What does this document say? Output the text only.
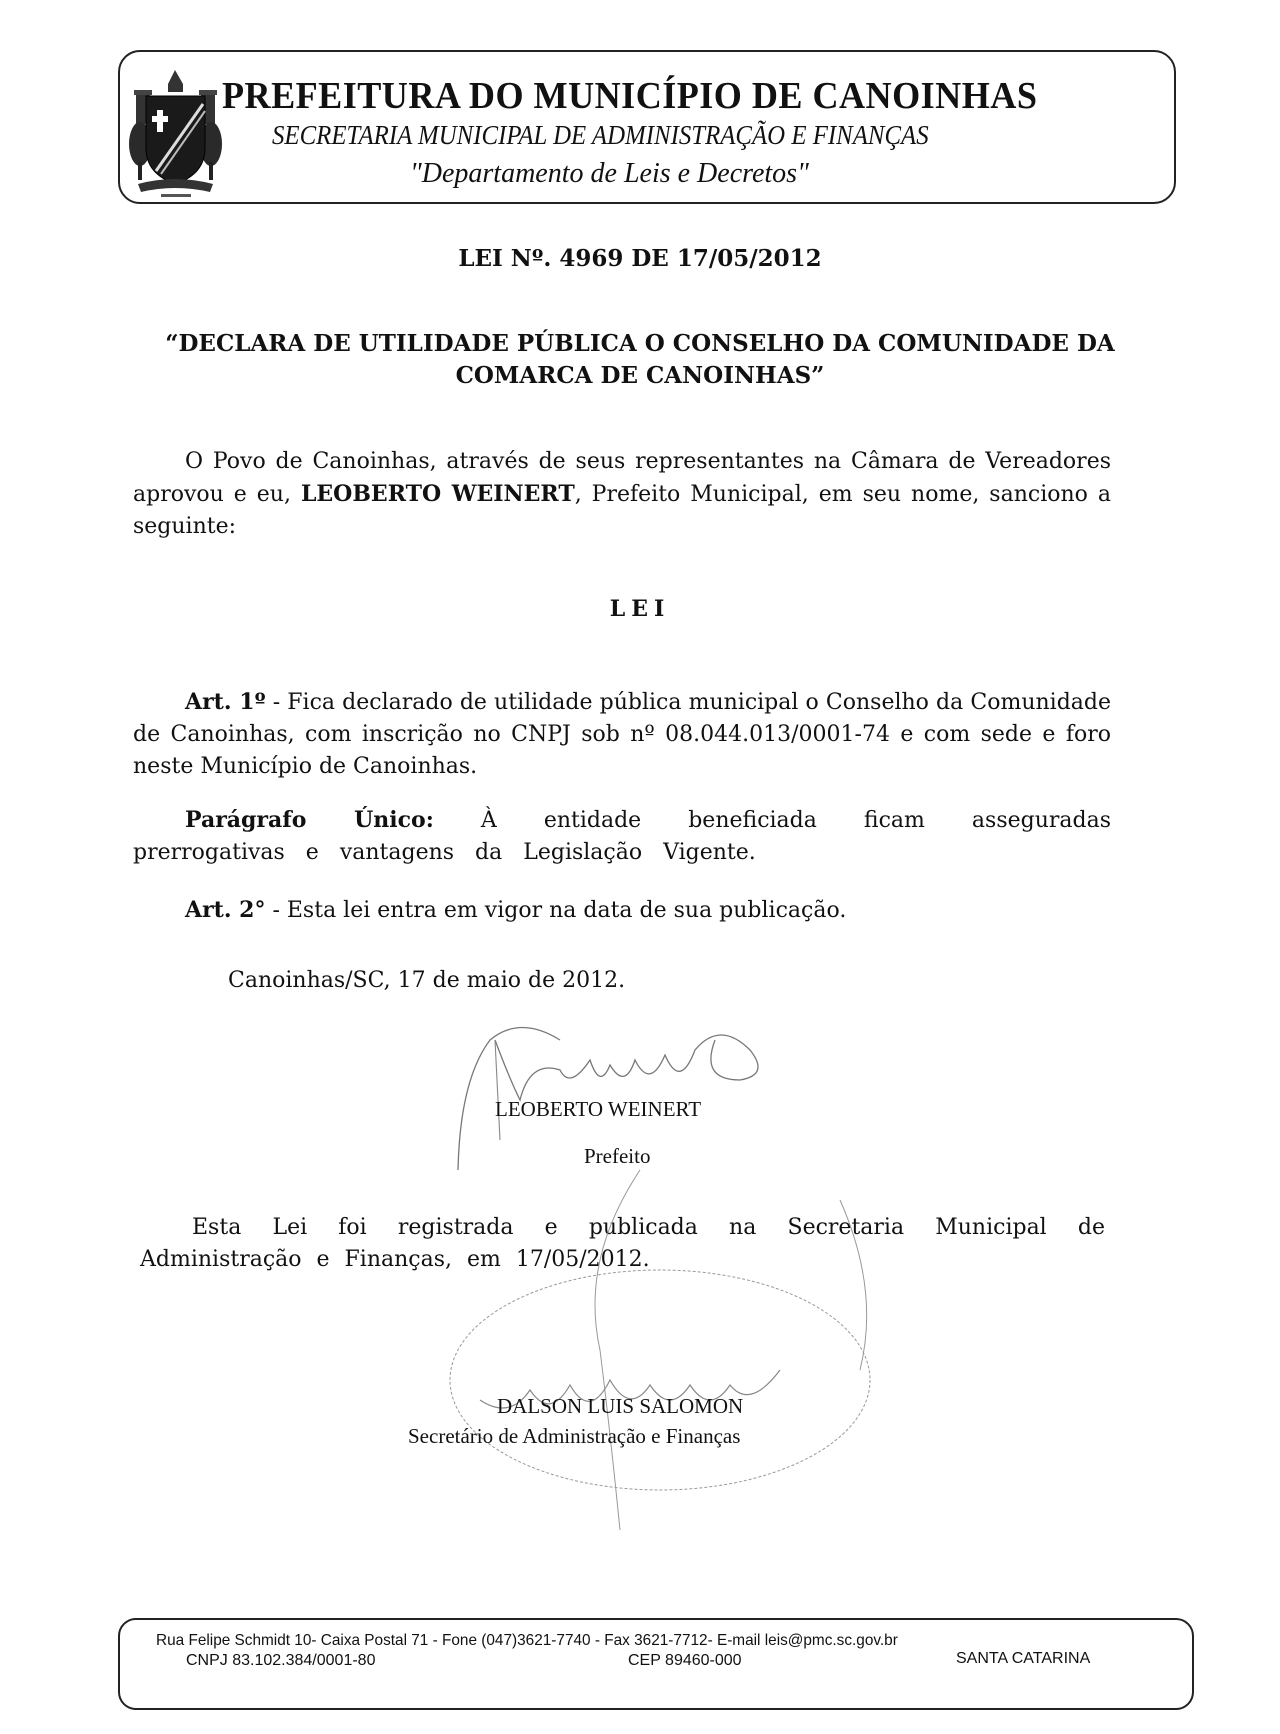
PREFEITURA DO MUNICÍPIO DE CANOINHAS
SECRETARIA MUNICIPAL DE ADMINISTRAÇÃO E FINANÇAS
"Departamento de Leis e Decretos"
LEI Nº. 4969 DE 17/05/2012
“DECLARA DE UTILIDADE PÚBLICA O CONSELHO DA COMUNIDADE DA
COMARCA DE CANOINHAS”
O Povo de Canoinhas, através de seus representantes na Câmara de Vereadores aprovou e eu, LEOBERTO WEINERT, Prefeito Municipal, em seu nome, sanciono a seguinte:
LEI
Art. 1º - Fica declarado de utilidade pública municipal o Conselho da Comunidade de Canoinhas, com inscrição no CNPJ sob nº 08.044.013/0001-74 e com sede e foro neste Município de Canoinhas.
Parágrafo Único: À entidade beneficiada ficam asseguradas prerrogativas e vantagens da Legislação Vigente.
Art. 2° - Esta lei entra em vigor na data de sua publicação.
Canoinhas/SC, 17 de maio de 2012.
LEOBERTO WEINERT
Prefeito
Esta Lei foi registrada e publicada na Secretaria Municipal de Administração e Finanças, em 17/05/2012.
DALSON LUIS SALOMON
Secretário de Administração e Finanças
Rua Felipe Schmidt 10- Caixa Postal 71 - Fone (047)3621-7740 - Fax 3621-7712- E-mail leis@pmc.sc.gov.br
CNPJ 83.102.384/0001-80	CEP 89460-000	SANTA CATARINA
